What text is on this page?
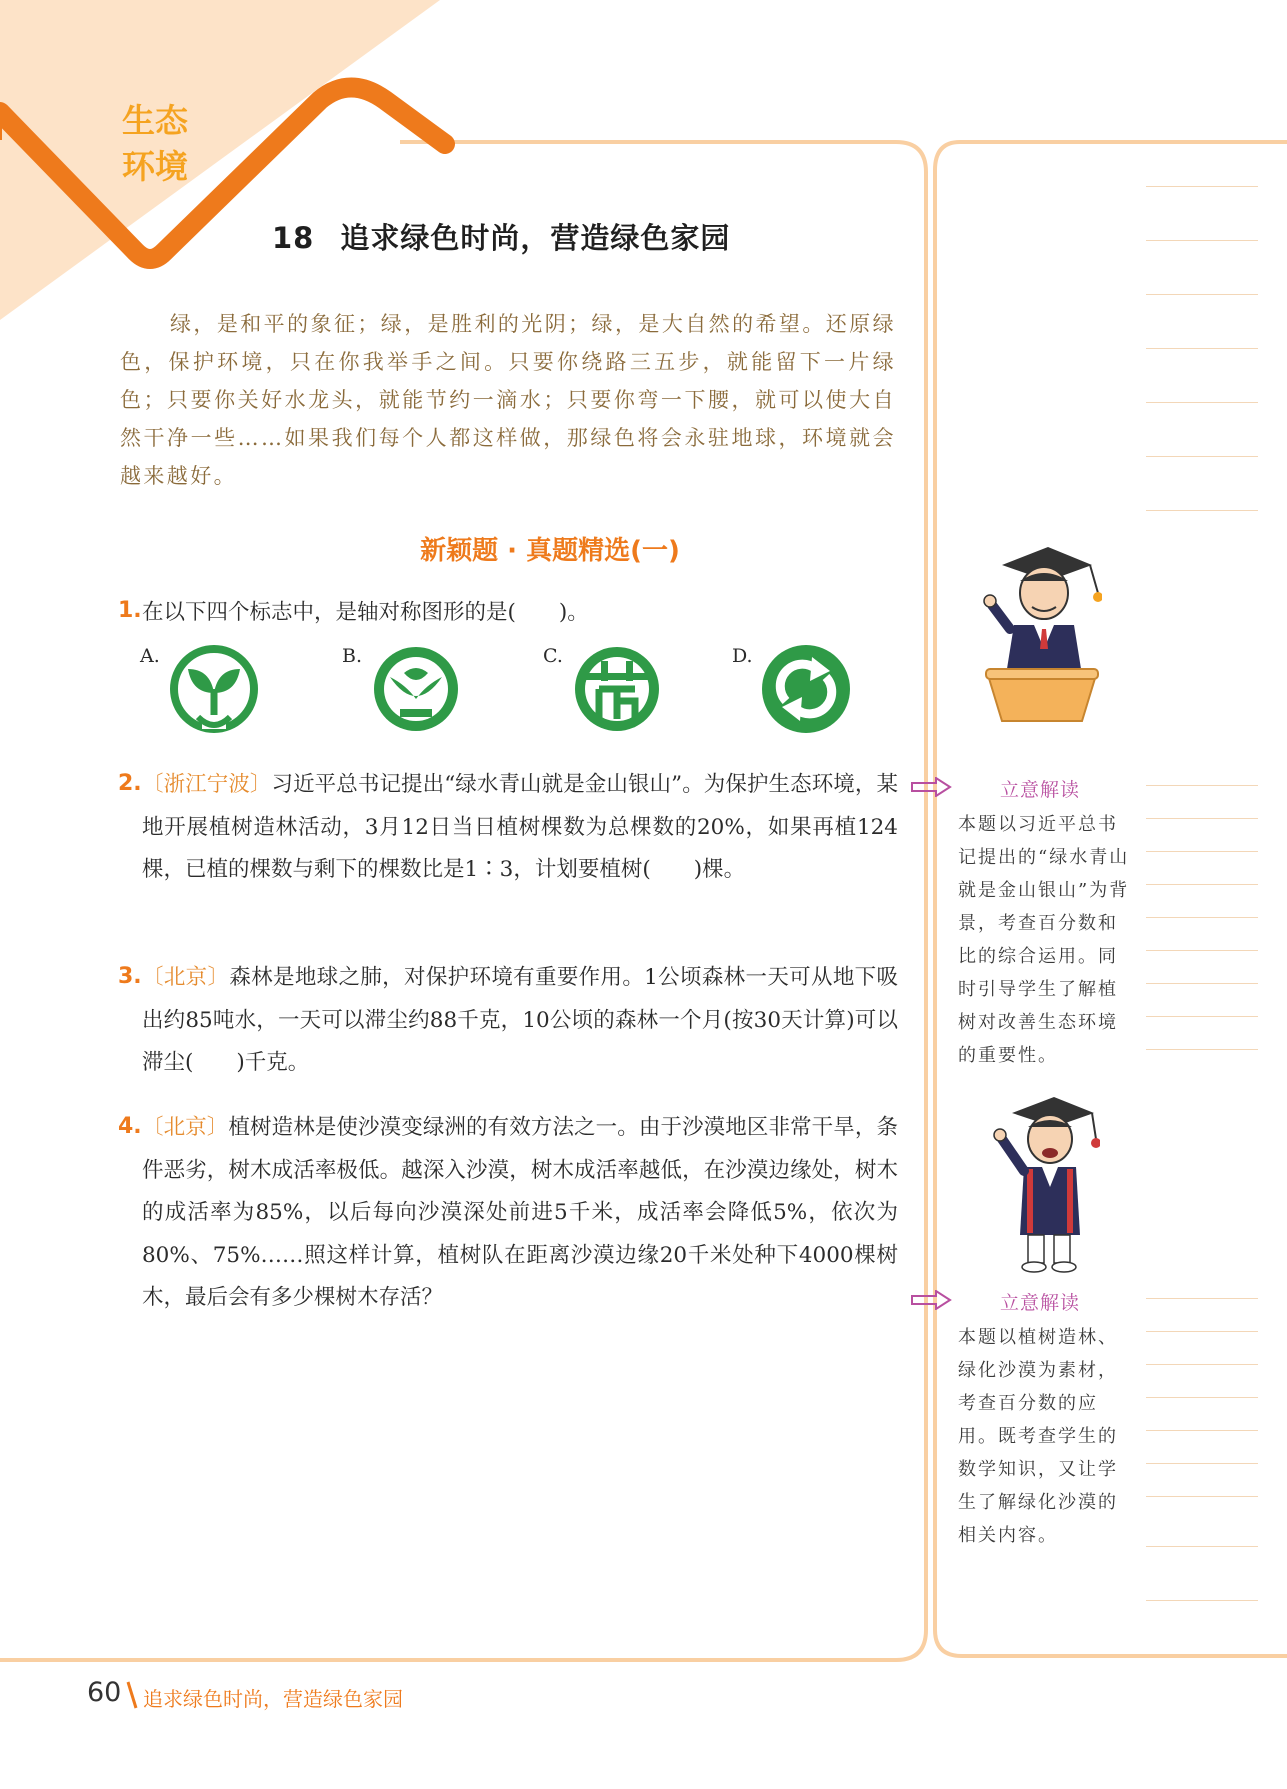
生态
环境
18 追求绿色时尚，营造绿色家园
绿，是和平的象征；绿，是胜利的光阴；绿，是大自然的希望。还原绿色，保护环境，只在你我举手之间。只要你绕路三五步，就能留下一片绿色；只要你关好水龙头，就能节约一滴水；只要你弯一下腰，就可以使大自然干净一些……如果我们每个人都这样做，那绿色将会永驻地球，环境就会越来越好。
新颖题 · 真题精选(一)
1. 在以下四个标志中，是轴对称图形的是(　　)。
A.	B.	C.	D.
2. 〔浙江宁波〕习近平总书记提出“绿水青山就是金山银山”。为保护生态环境，某地开展植树造林活动，3月12日当日植树棵数为总棵数的20%，如果再植124棵，已植的棵数与剩下的棵数比是1∶3，计划要植树(　　)棵。
3. 〔北京〕森林是地球之肺，对保护环境有重要作用。1公顷森林一天可从地下吸出约85吨水，一天可以滞尘约88千克，10公顷的森林一个月(按30天计算)可以滞尘(　　)千克。
4. 〔北京〕植树造林是使沙漠变绿洲的有效方法之一。由于沙漠地区非常干旱，条件恶劣，树木成活率极低。越深入沙漠，树木成活率越低，在沙漠边缘处，树木的成活率为85%，以后每向沙漠深处前进5千米，成活率会降低5%，依次为80%、75%……照这样计算，植树队在距离沙漠边缘20千米处种下4000棵树木，最后会有多少棵树木存活？
立意解读
本题以习近平总书记提出的“绿水青山就是金山银山”为背景，考查百分数和比的综合运用。同时引导学生了解植树对改善生态环境的重要性。
立意解读
本题以植树造林、绿化沙漠为素材，考查百分数的应用。既考查学生的数学知识，又让学生了解绿化沙漠的相关内容。
60 追求绿色时尚，营造绿色家园
